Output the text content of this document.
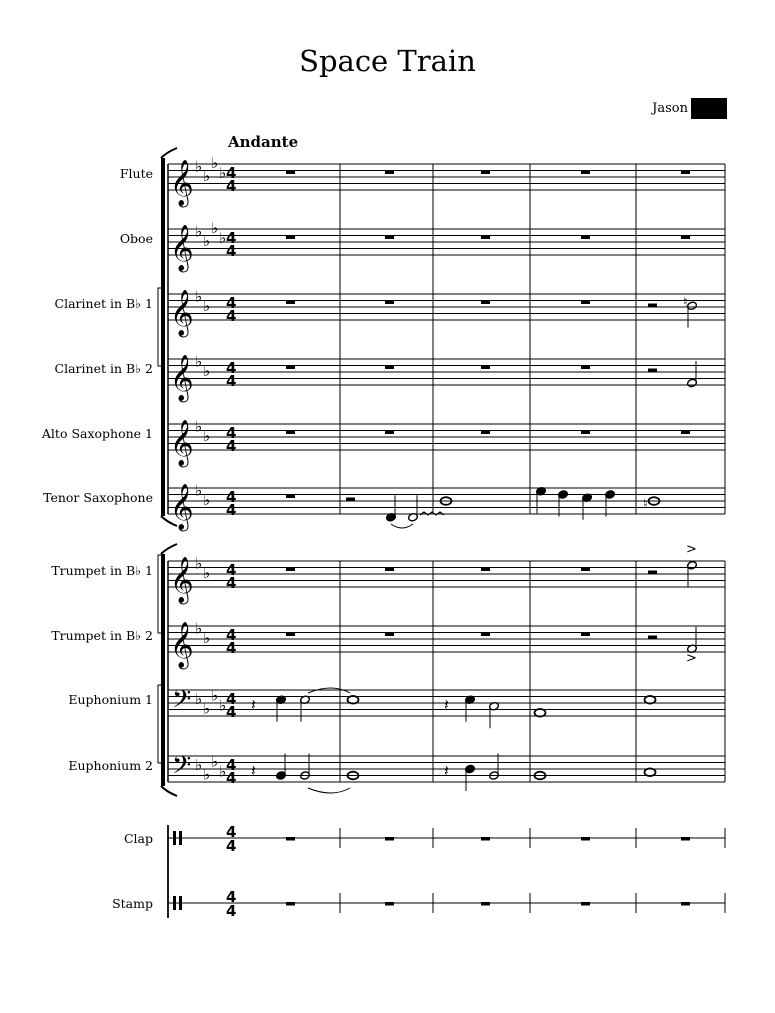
Space Train
Jason
Andante
Flute
Oboe
Clarinet in B♭ 1
Clarinet in B♭ 2
Alto Saxophone 1
Tenor Saxophone
Trumpet in B♭ 1
Trumpet in B♭ 2
Euphonium 1
Euphonium 2
Clap
Stamp
𝄞 ♭
♭
♭
♭ 4
4
𝄞 ♭
♭
♭
♭ 4
4
𝄞 ♭
♭ 4
4
𝄞 ♭
♭ 4
4
𝄞 ♭
♭ 4
4
𝄞 ♭
♭ 4
4
𝄞 ♭
♭ 4
4
𝄞 ♭
♭ 4
4
𝄢 ♭
♭
♭
♭ 4
4
𝄢 ♭
♭
♭
♭ 4
4
4
4
4
4
♮
♮
>
>
𝄽	𝄽
𝄽	𝄽
